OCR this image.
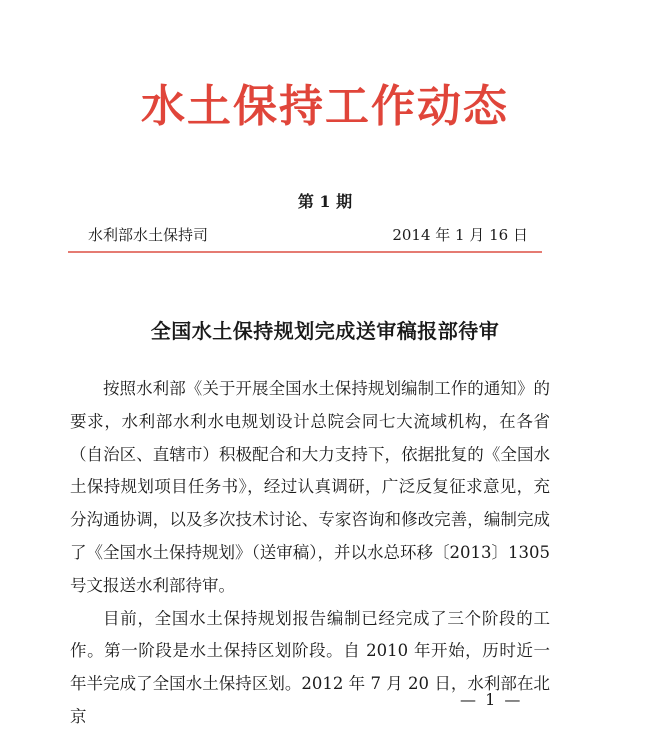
水土保持工作动态
第 1 期
水利部水土保持司	2014 年 1 月 16 日
全国水土保持规划完成送审稿报部待审

按照水利部《关于开展全国水土保持规划编制工作的通知》的要求，水利部水利水电规划设计总院会同七大流域机构，在各省（自治区、直辖市）积极配合和大力支持下，依据批复的《全国水土保持规划项目任务书》，经过认真调研，广泛反复征求意见，充分沟通协调，以及多次技术讨论、专家咨询和修改完善，编制完成了《全国水土保持规划》（送审稿），并以水总环移〔2013〕1305 号文报送水利部待审。

目前，全国水土保持规划报告编制已经完成了三个阶段的工作。第一阶段是水土保持区划阶段。自 2010 年开始，历时近一年半完成了全国水土保持区划。2012 年 7 月 20 日，水利部在北京

— 1 —
